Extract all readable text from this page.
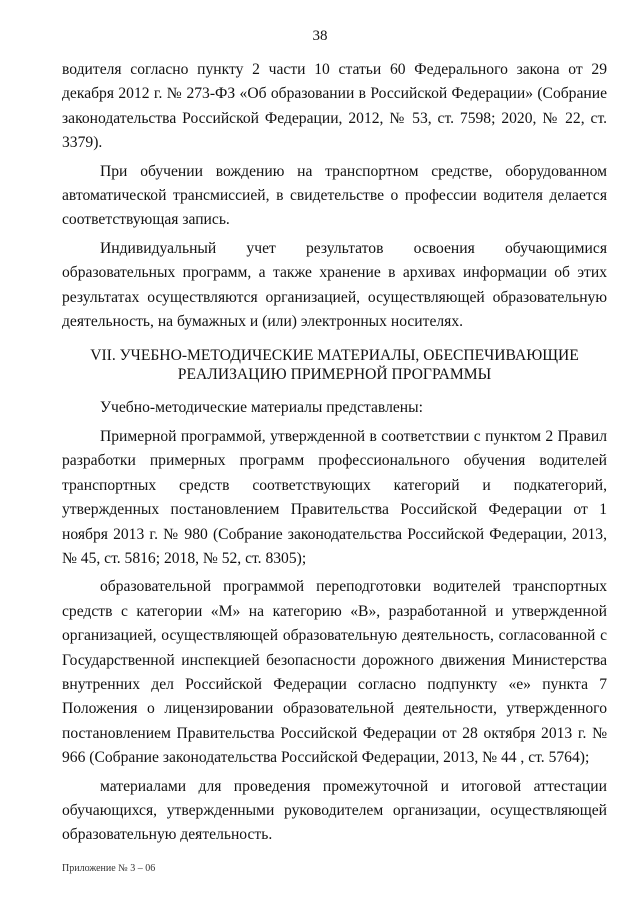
38

водителя согласно пункту 2 части 10 статьи 60 Федерального закона от 29 декабря 2012 г. № 273-ФЗ «Об образовании в Российской Федерации» (Собрание законодательства Российской Федерации, 2012, № 53, ст. 7598; 2020, № 22, ст. 3379).

При обучении вождению на транспортном средстве, оборудованном автоматической трансмиссией, в свидетельстве о профессии водителя делается соответствующая запись.

Индивидуальный учет результатов освоения обучающимися образовательных программ, а также хранение в архивах информации об этих результатах осуществляются организацией, осуществляющей образовательную деятельность, на бумажных и (или) электронных носителях.

VII. УЧЕБНО-МЕТОДИЧЕСКИЕ МАТЕРИАЛЫ, ОБЕСПЕЧИВАЮЩИЕ
РЕАЛИЗАЦИЮ ПРИМЕРНОЙ ПРОГРАММЫ

Учебно-методические материалы представлены:

Примерной программой, утвержденной в соответствии с пунктом 2 Правил разработки примерных программ профессионального обучения водителей транспортных средств соответствующих категорий и подкатегорий, утвержденных постановлением Правительства Российской Федерации от 1 ноября 2013 г. № 980 (Собрание законодательства Российской Федерации, 2013, № 45, ст. 5816; 2018, № 52, ст. 8305);

образовательной программой переподготовки водителей транспортных средств с категории «M» на категорию «B», разработанной и утвержденной организацией, осуществляющей образовательную деятельность, согласованной с Государственной инспекцией безопасности дорожного движения Министерства внутренних дел Российской Федерации согласно подпункту «е» пункта 7 Положения о лицензировании образовательной деятельности, утвержденного постановлением Правительства Российской Федерации от 28 октября 2013 г. № 966 (Собрание законодательства Российской Федерации, 2013, № 44 , ст. 5764);

материалами для проведения промежуточной и итоговой аттестации обучающихся, утвержденными руководителем организации, осуществляющей образовательную деятельность.

Приложение № 3 – 06
